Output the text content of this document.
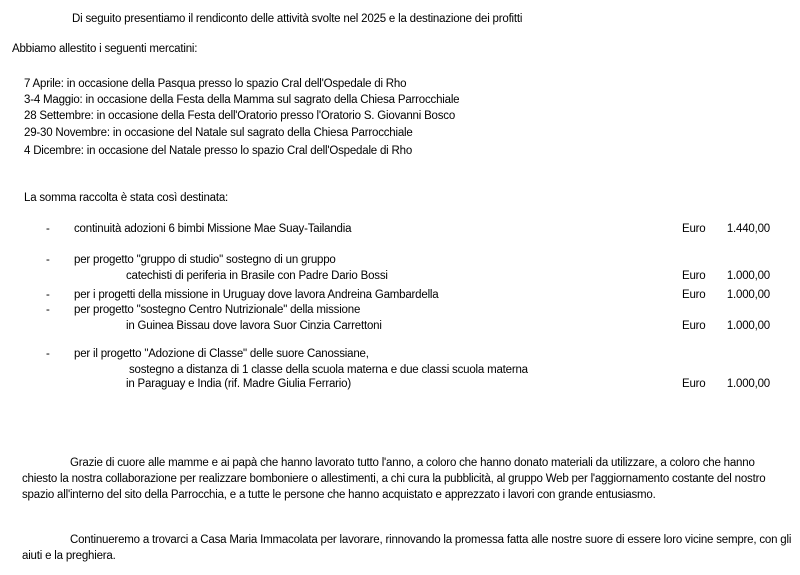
Di seguito presentiamo il rendiconto delle attività svolte nel 2025 e la destinazione dei profitti
Abbiamo allestito i seguenti mercatini:
7 Aprile: in occasione della Pasqua presso lo spazio Cral dell'Ospedale di Rho
3-4 Maggio: in occasione della Festa della Mamma sul sagrato della Chiesa Parrocchiale
28 Settembre: in occasione della Festa dell'Oratorio presso l'Oratorio S. Giovanni Bosco
29-30 Novembre: in occasione del Natale sul sagrato della Chiesa Parrocchiale
4 Dicembre: in occasione del Natale presso lo spazio Cral dell'Ospedale di Rho
La somma raccolta è stata così destinata:
- continuità adozioni 6 bimbi Missione Mae Suay-Tailandia	Euro 1.440,00
- per progetto "gruppo di studio" sostegno di un gruppo
catechisti di periferia in Brasile con Padre Dario Bossi	Euro 1.000,00
- per i progetti della missione in Uruguay dove lavora Andreina Gambardella	Euro 1.000,00
- per progetto "sostegno Centro Nutrizionale" della missione
in Guinea Bissau dove lavora Suor Cinzia Carrettoni	Euro 1.000,00
- per il progetto "Adozione di Classe" delle suore Canossiane,
sostegno a distanza di 1 classe della scuola materna e due classi scuola materna
in Paraguay e India (rif. Madre Giulia Ferrario)	Euro 1.000,00
Grazie di cuore alle mamme e ai papà che hanno lavorato tutto l'anno, a coloro che hanno donato materiali da utilizzare, a coloro che hanno chiesto la nostra collaborazione per realizzare bomboniere o allestimenti, a chi cura la pubblicità, al gruppo Web per l'aggiornamento costante del nostro spazio all'interno del sito della Parrocchia, e a tutte le persone che hanno acquistato e apprezzato i lavori con grande entusiasmo.
Continueremo a trovarci a Casa Maria Immacolata per lavorare, rinnovando la promessa fatta alle nostre suore di essere loro vicine sempre, con gli aiuti e la preghiera.
